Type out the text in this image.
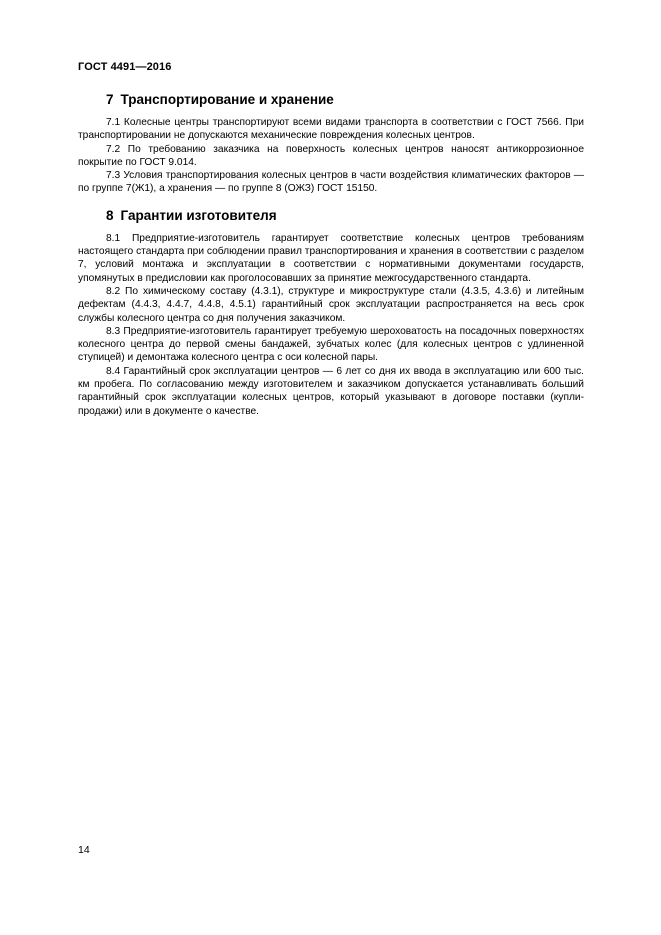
ГОСТ 4491—2016
7 Транспортирование и хранение

7.1 Колесные центры транспортируют всеми видами транспорта в соответствии с ГОСТ 7566. При транспортировании не допускаются механические повреждения колесных центров.

7.2 По требованию заказчика на поверхность колесных центров наносят антикоррозионное покрытие по ГОСТ 9.014.

7.3 Условия транспортирования колесных центров в части воздействия климатических факторов — по группе 7(Ж1), а хранения — по группе 8 (ОЖЗ) ГОСТ 15150.

8 Гарантии изготовителя

8.1 Предприятие-изготовитель гарантирует соответствие колесных центров требованиям настоящего стандарта при соблюдении правил транспортирования и хранения в соответствии с разделом 7, условий монтажа и эксплуатации в соответствии с нормативными документами государств, упомянутых в предисловии как проголосовавших за принятие межгосударственного стандарта.

8.2 По химическому составу (4.3.1), структуре и микроструктуре стали (4.3.5, 4.3.6) и литейным дефектам (4.4.3, 4.4.7, 4.4.8, 4.5.1) гарантийный срок эксплуатации распространяется на весь срок службы колесного центра со дня получения заказчиком.

8.3 Предприятие-изготовитель гарантирует требуемую шероховатость на посадочных поверхностях колесного центра до первой смены бандажей, зубчатых колес (для колесных центров с удлиненной ступицей) и демонтажа колесного центра с оси колесной пары.

8.4 Гарантийный срок эксплуатации центров — 6 лет со дня их ввода в эксплуатацию или 600 тыс. км пробега. По согласованию между изготовителем и заказчиком допускается устанавливать больший гарантийный срок эксплуатации колесных центров, который указывают в договоре поставки (купли-продажи) или в документе о качестве.

14
